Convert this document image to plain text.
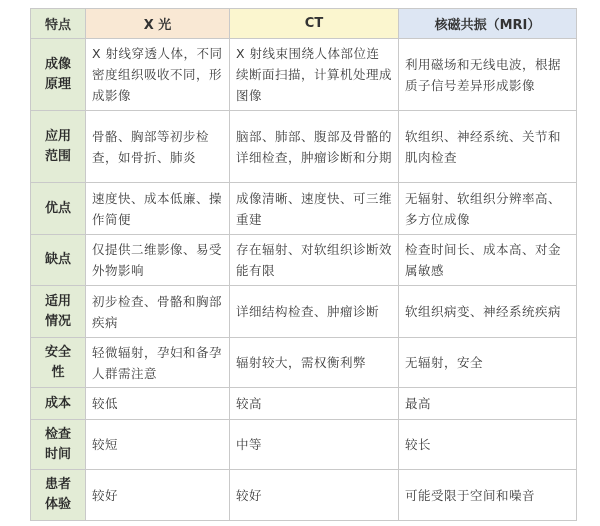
特点	X 光	CT	核磁共振（MRI）
成像原理	X 射线穿透人体，不同密度组织吸收不同，形成影像	X 射线束围绕人体部位连续断面扫描，计算机处理成图像	利用磁场和无线电波，根据质子信号差异形成影像
应用范围	骨骼、胸部等初步检查，如骨折、肺炎	脑部、肺部、腹部及骨骼的详细检查，肿瘤诊断和分期	软组织、神经系统、关节和肌肉检查
优点	速度快、成本低廉、操作简便	成像清晰、速度快、可三维重建	无辐射、软组织分辨率高、多方位成像
缺点	仅提供二维影像、易受外物影响	存在辐射、对软组织诊断效能有限	检查时间长、成本高、对金属敏感
适用情况	初步检查、骨骼和胸部疾病	详细结构检查、肿瘤诊断	软组织病变、神经系统疾病
安全性	轻微辐射，孕妇和备孕人群需注意	辐射较大，需权衡利弊	无辐射，安全
成本	较低	较高	最高
检查时间	较短	中等	较长
患者体验	较好	较好	可能受限于空间和噪音
